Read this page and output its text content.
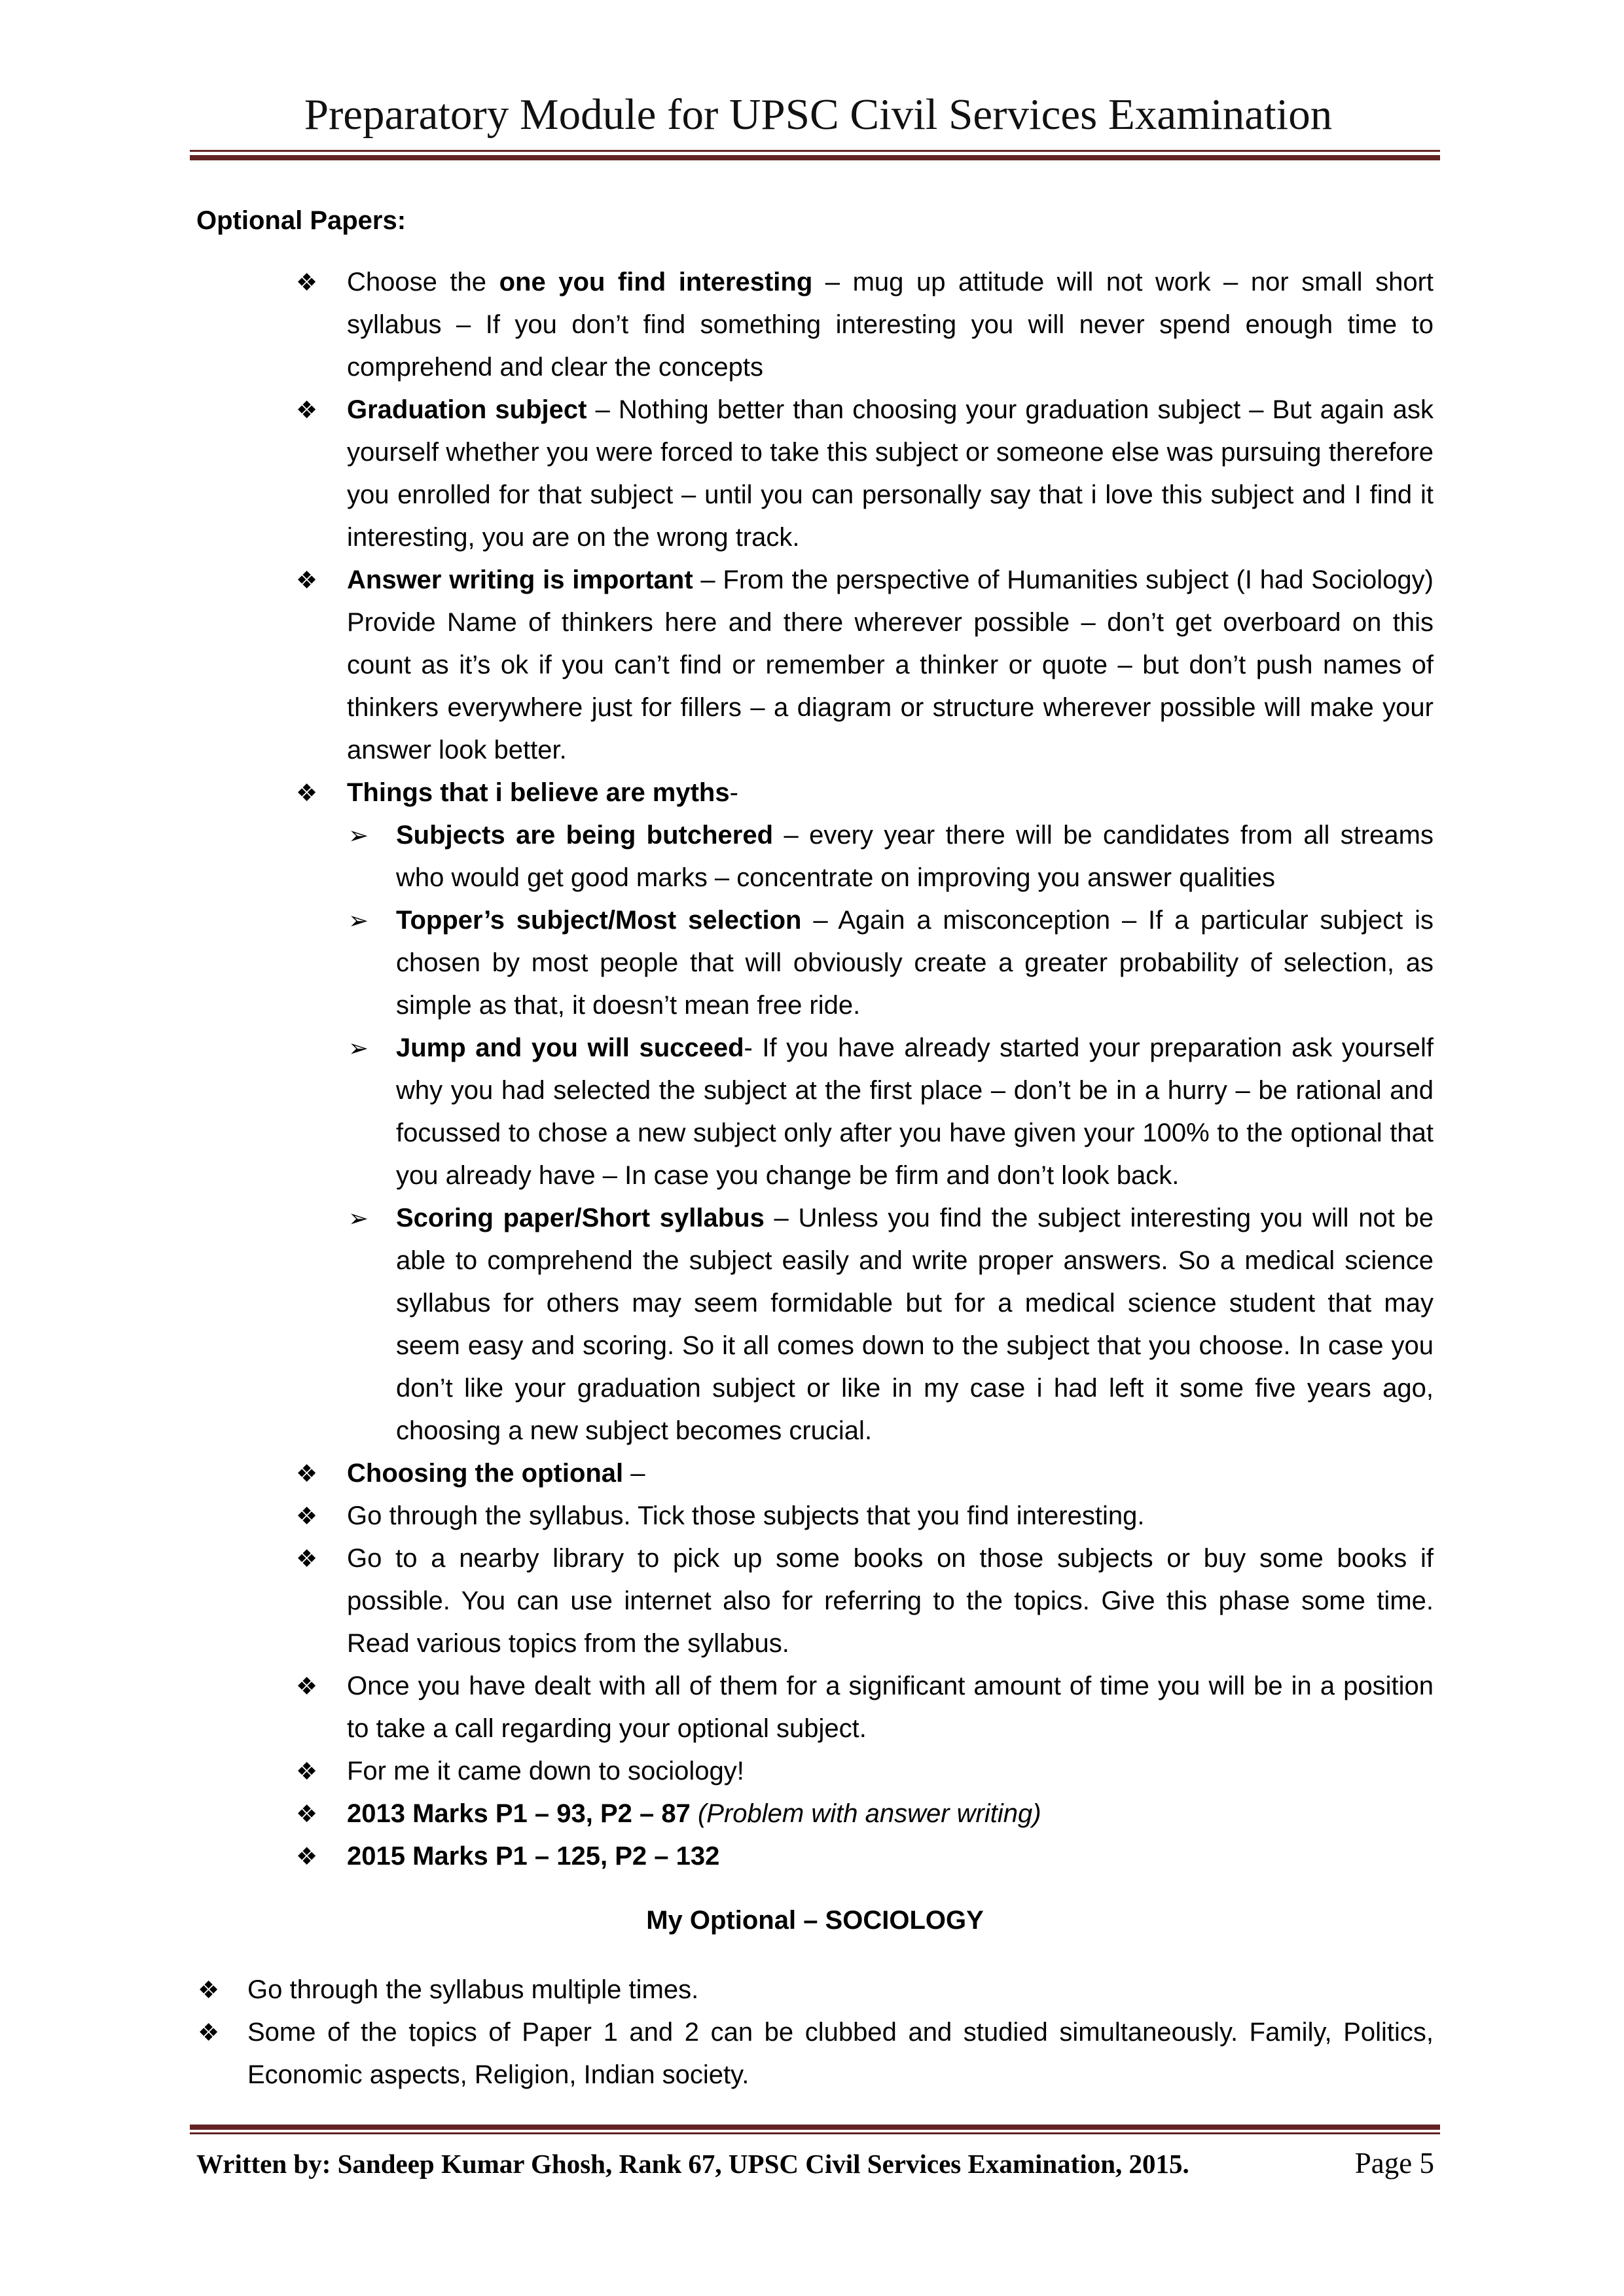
Preparatory Module for UPSC Civil Services Examination
Optional Papers:
❖ Choose the one you find interesting – mug up attitude will not work – nor small short syllabus – If you don’t find something interesting you will never spend enough time to comprehend and clear the concepts
❖ Graduation subject – Nothing better than choosing your graduation subject – But again ask yourself whether you were forced to take this subject or someone else was pursuing therefore you enrolled for that subject – until you can personally say that i love this subject and I find it interesting, you are on the wrong track.
❖ Answer writing is important – From the perspective of Humanities subject (I had Sociology) Provide Name of thinkers here and there wherever possible – don’t get overboard on this count as it’s ok if you can’t find or remember a thinker or quote – but don’t push names of thinkers everywhere just for fillers – a diagram or structure wherever possible will make your answer look better.
❖ Things that i believe are myths-
➢ Subjects are being butchered – every year there will be candidates from all streams who would get good marks – concentrate on improving you answer qualities
➢ Topper’s subject/Most selection – Again a misconception – If a particular subject is chosen by most people that will obviously create a greater probability of selection, as simple as that, it doesn’t mean free ride.
➢ Jump and you will succeed- If you have already started your preparation ask yourself why you had selected the subject at the first place – don’t be in a hurry – be rational and focussed to chose a new subject only after you have given your 100% to the optional that you already have – In case you change be firm and don’t look back.
➢ Scoring paper/Short syllabus – Unless you find the subject interesting you will not be able to comprehend the subject easily and write proper answers. So a medical science syllabus for others may seem formidable but for a medical science student that may seem easy and scoring. So it all comes down to the subject that you choose. In case you don’t like your graduation subject or like in my case i had left it some five years ago, choosing a new subject becomes crucial.
❖ Choosing the optional –
❖ Go through the syllabus. Tick those subjects that you find interesting.
❖ Go to a nearby library to pick up some books on those subjects or buy some books if possible. You can use internet also for referring to the topics. Give this phase some time. Read various topics from the syllabus.
❖ Once you have dealt with all of them for a significant amount of time you will be in a position to take a call regarding your optional subject.
❖ For me it came down to sociology!
❖ 2013 Marks P1 – 93, P2 – 87 (Problem with answer writing)
❖ 2015 Marks P1 – 125, P2 – 132
My Optional – SOCIOLOGY
❖ Go through the syllabus multiple times.
❖ Some of the topics of Paper 1 and 2 can be clubbed and studied simultaneously. Family, Politics, Economic aspects, Religion, Indian society.
Written by: Sandeep Kumar Ghosh, Rank 67, UPSC Civil Services Examination, 2015.	Page 5
